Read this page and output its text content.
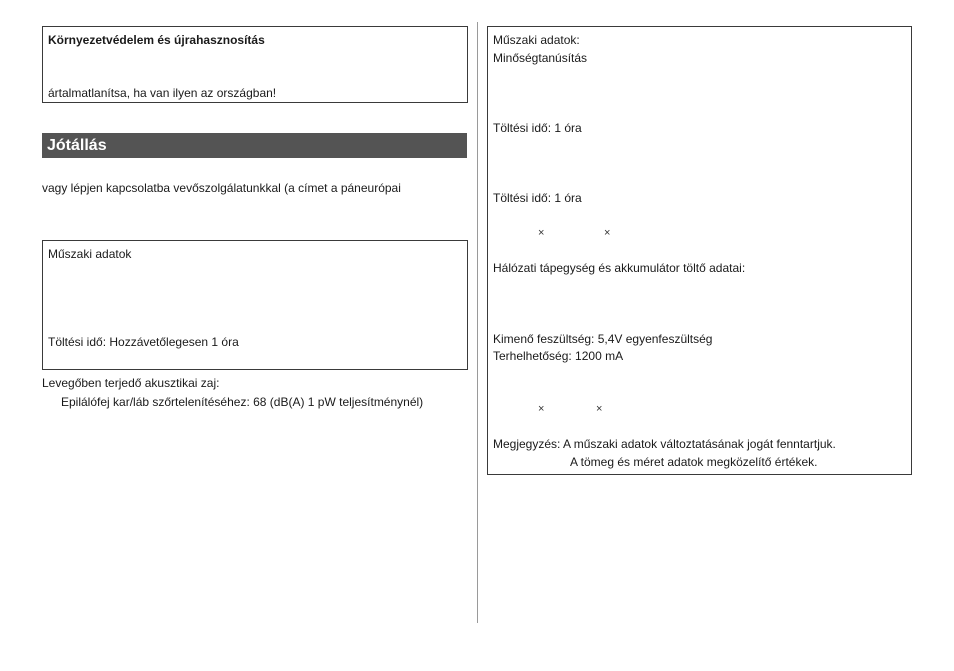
Környezetvédelem és újrahasznosítás
ártalmatlanítsa, ha van ilyen az országban!
Jótállás
vagy lépjen kapcsolatba vevőszolgálatunkkal (a címet a páneurópai
Műszaki adatok
Töltési idő: Hozzávetőlegesen 1 óra
Levegőben terjedő akusztikai zaj:
Epilálófej kar/láb szőrtelenítéséhez: 68 (dB(A) 1 pW teljesítménynél)
Műszaki adatok:
Minőségtanúsítás
Töltési idő: 1 óra
Töltési idő: 1 óra
×	×
Hálózati tápegység és akkumulátor töltő adatai:
Kimenő feszültség: 5,4V egyenfeszültség
Terhelhetőség: 1200 mA
×	×
Megjegyzés: A műszaki adatok változtatásának jogát fenntartjuk.
A tömeg és méret adatok megközelítő értékek.
